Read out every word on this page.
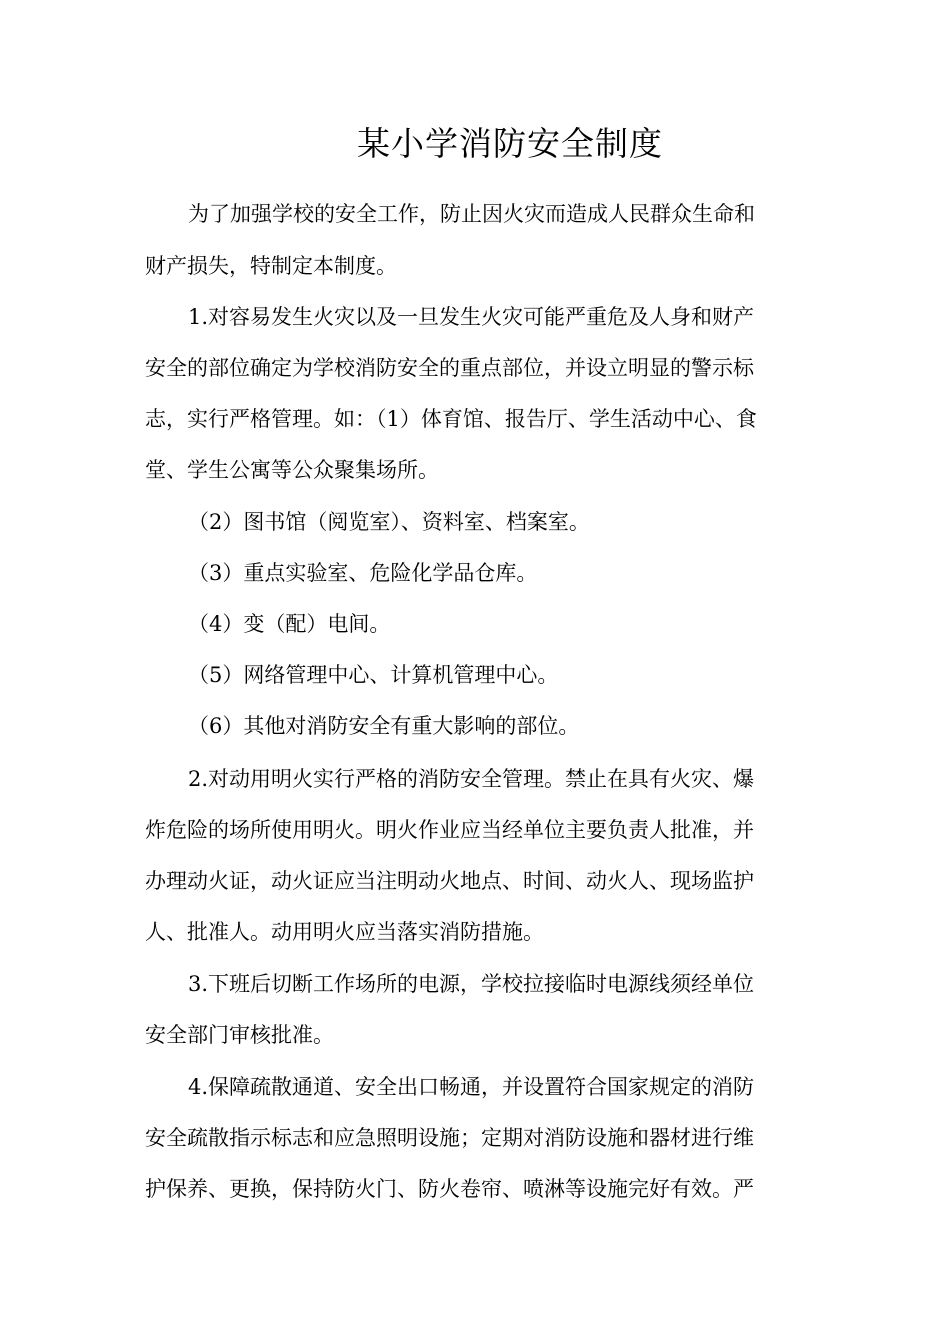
某小学消防安全制度
为了加强学校的安全工作，防止因火灾而造成人民群众生命和
财产损失，特制定本制度。
1.对容易发生火灾以及一旦发生火灾可能严重危及人身和财产
安全的部位确定为学校消防安全的重点部位，并设立明显的警示标
志，实行严格管理。如：（1）体育馆、报告厅、学生活动中心、食
堂、学生公寓等公众聚集场所。
（2）图书馆（阅览室）、资料室、档案室。
（3）重点实验室、危险化学品仓库。
（4）变（配）电间。
（5）网络管理中心、计算机管理中心。
（6）其他对消防安全有重大影响的部位。
2.对动用明火实行严格的消防安全管理。禁止在具有火灾、爆
炸危险的场所使用明火。明火作业应当经单位主要负责人批准，并
办理动火证，动火证应当注明动火地点、时间、动火人、现场监护
人、批准人。动用明火应当落实消防措施。
3.下班后切断工作场所的电源，学校拉接临时电源线须经单位
安全部门审核批准。
4.保障疏散通道、安全出口畅通，并设置符合国家规定的消防
安全疏散指示标志和应急照明设施；定期对消防设施和器材进行维
护保养、更换，保持防火门、防火卷帘、喷淋等设施完好有效。严
